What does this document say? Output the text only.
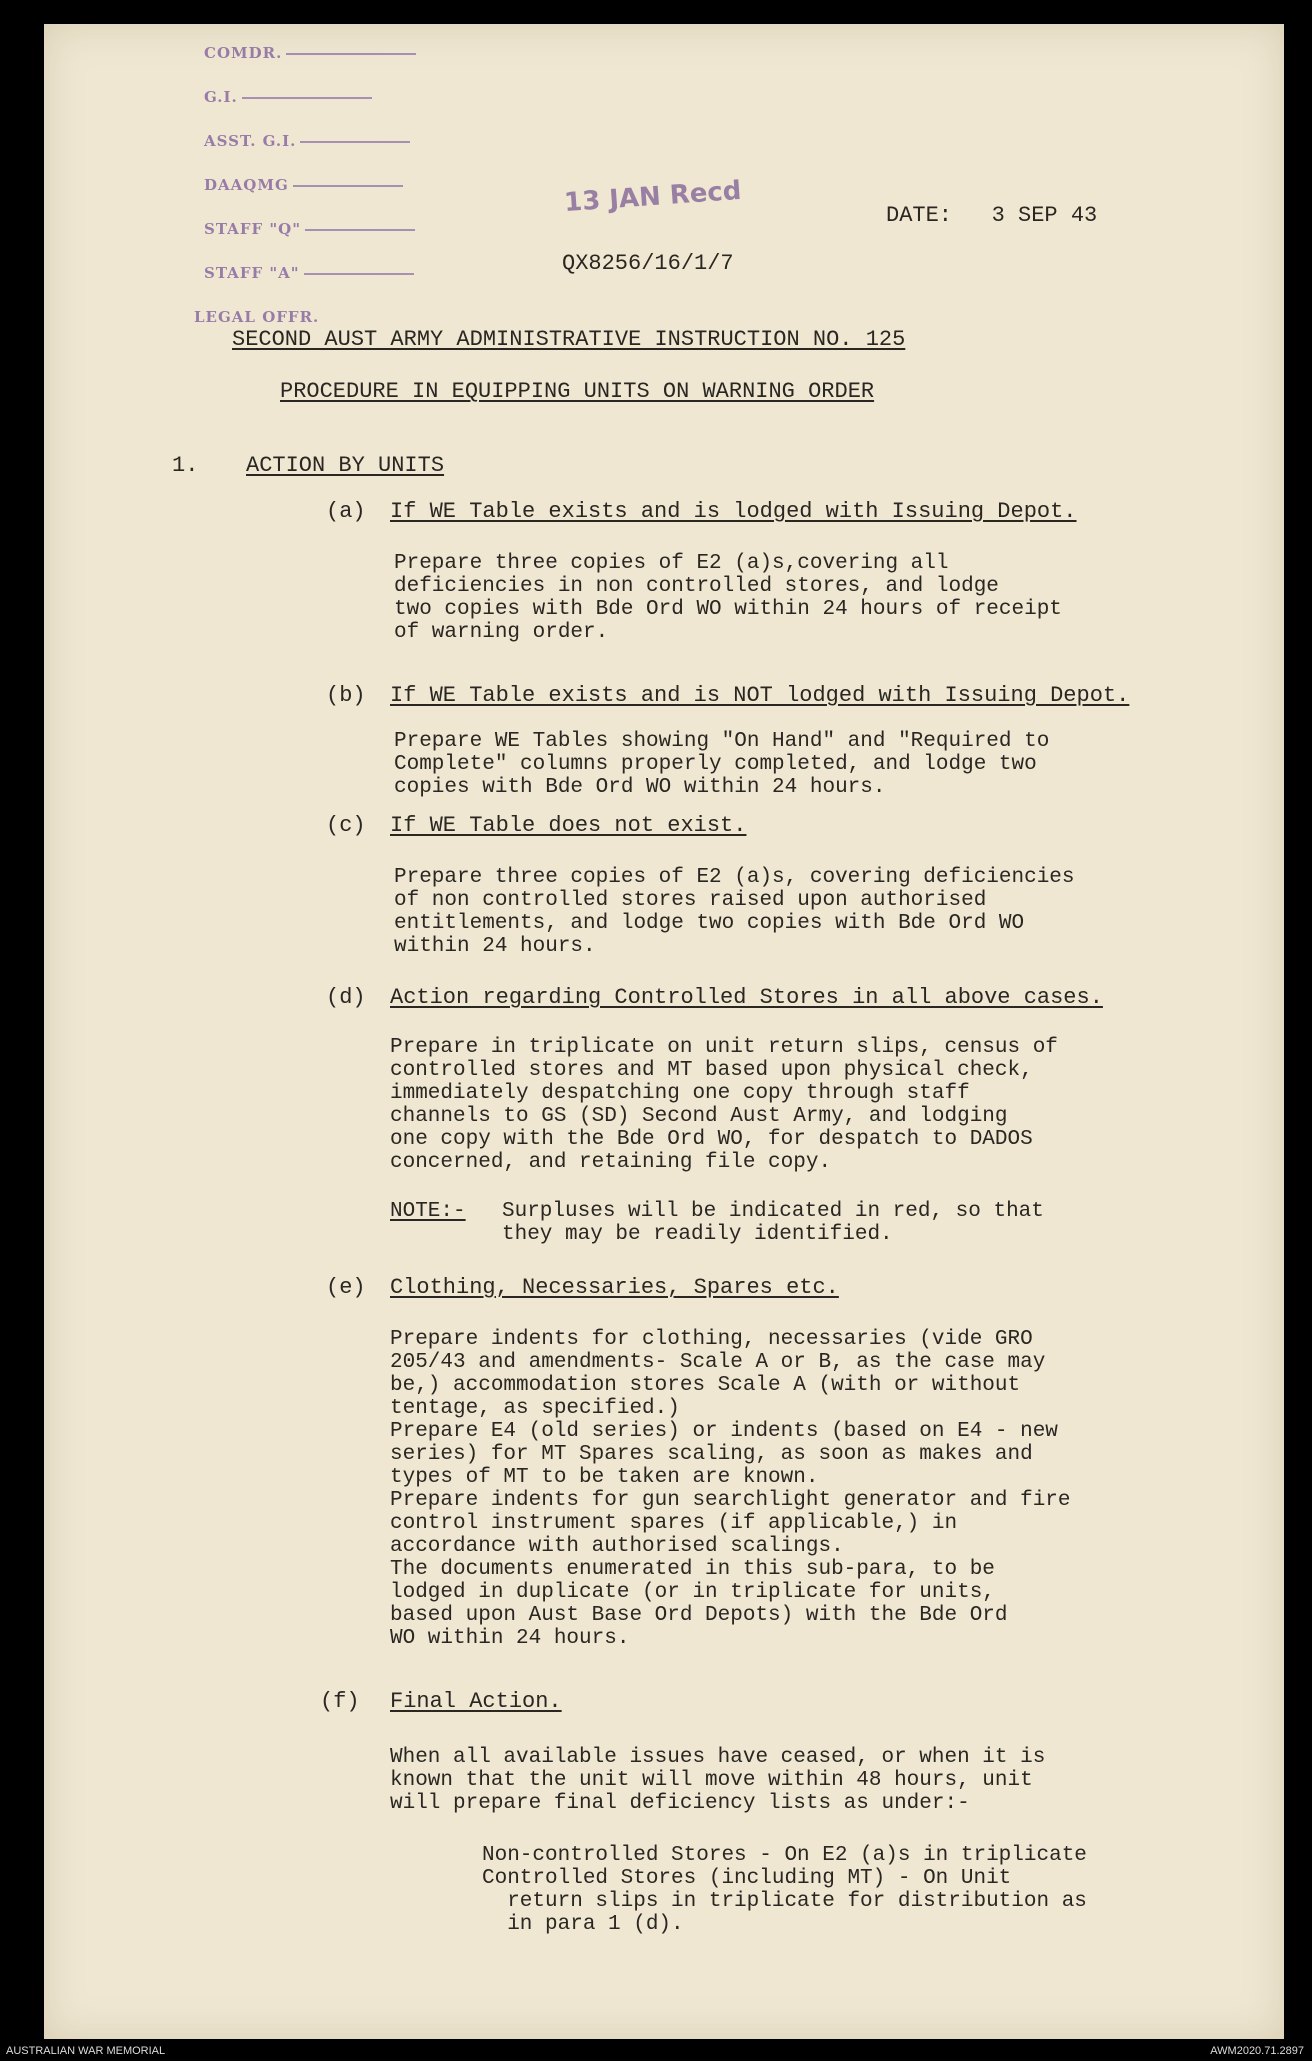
COMDR.
G.I.
ASST. G.I.
DAAQMG
STAFF "Q"
STAFF "A"
LEGAL OFFR.
13 JAN Recd	DATE: 3 SEP 43
QX8256/16/1/7
SECOND AUST ARMY ADMINISTRATIVE INSTRUCTION NO. 125
PROCEDURE IN EQUIPPING UNITS ON WARNING ORDER
1. ACTION BY UNITS
(a) If WE Table exists and is lodged with Issuing Depot.

Prepare three copies of E2 (a)s,covering all

deficiencies in non controlled stores, and lodge

two copies with Bde Ord WO within 24 hours of receipt

of warning order.

(b) If WE Table exists and is NOT lodged with Issuing Depot.

Prepare WE Tables showing "On Hand" and "Required to

Complete" columns properly completed, and lodge two

copies with Bde Ord WO within 24 hours.

(c) If WE Table does not exist.

Prepare three copies of E2 (a)s, covering deficiencies

of non controlled stores raised upon authorised

entitlements, and lodge two copies with Bde Ord WO

within 24 hours.

(d) Action regarding Controlled Stores in all above cases.

Prepare in triplicate on unit return slips, census of

controlled stores and MT based upon physical check,

immediately despatching one copy through staff

channels to GS (SD) Second Aust Army, and lodging

one copy with the Bde Ord WO, for despatch to DADOS

concerned, and retaining file copy.

NOTE:- Surpluses will be indicated in red, so that

they may be readily identified.

(e) Clothing, Necessaries, Spares etc.

Prepare indents for clothing, necessaries (vide GRO

205/43 and amendments- Scale A or B, as the case may

be,) accommodation stores Scale A (with or without

tentage, as specified.)

Prepare E4 (old series) or indents (based on E4 - new

series) for MT Spares scaling, as soon as makes and

types of MT to be taken are known.

Prepare indents for gun searchlight generator and fire

control instrument spares (if applicable,) in

accordance with authorised scalings.

The documents enumerated in this sub-para, to be

lodged in duplicate (or in triplicate for units,

based upon Aust Base Ord Depots) with the Bde Ord

WO within 24 hours.

(f) Final Action.

When all available issues have ceased, or when it is

known that the unit will move within 48 hours, unit

will prepare final deficiency lists as under:-

Non-controlled Stores - On E2 (a)s in triplicate

Controlled Stores (including MT) - On Unit

return slips in triplicate for distribution as

in para 1 (d).

AUSTRALIAN WAR MEMORIAL	AWM2020.71.2897
